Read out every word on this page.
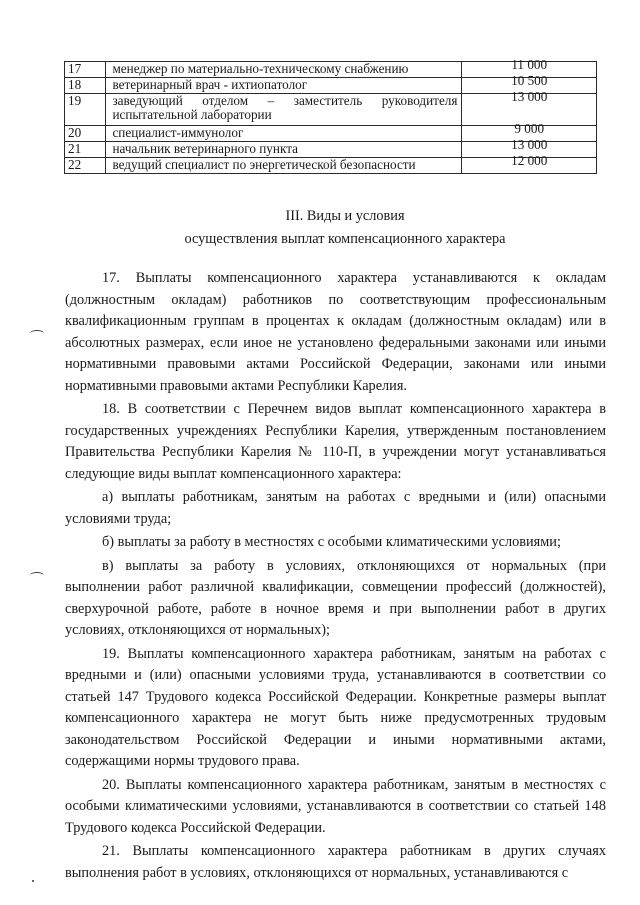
17	менеджер по материально-техническому снабжению	11 000

18	ветеринарный врач - ихтиопатолог	10 500

19	заведующий отделом – заместитель руководителя испытательной лаборатории	13 000

20	специалист-иммунолог	9 000

21	начальник ветеринарного пункта	13 000

22	ведущий специалист по энергетической безопасности	12 000
III. Виды и условия
осуществления выплат компенсационного характера

17. Выплаты компенсационного характера устанавливаются к окладам (должностным окладам) работников по соответствующим профессиональным квалификационным группам в процентах к окладам (должностным окладам) или в абсолютных размерах, если иное не установлено федеральными законами или иными нормативными правовыми актами Российской Федерации, законами или иными нормативными правовыми актами Республики Карелия.

18. В соответствии с Перечнем видов выплат компенсационного характера в государственных учреждениях Республики Карелия, утвержденным постановлением Правительства Республики Карелия № 110-П, в учреждении могут устанавливаться следующие виды выплат компенсационного характера:

а) выплаты работникам, занятым на работах с вредными и (или) опасными условиями труда;

б) выплаты за работу в местностях с особыми климатическими условиями;

в) выплаты за работу в условиях, отклоняющихся от нормальных (при выполнении работ различной квалификации, совмещении профессий (должностей), сверхурочной работе, работе в ночное время и при выполнении работ в других условиях, отклоняющихся от нормальных);

19. Выплаты компенсационного характера работникам, занятым на работах с вредными и (или) опасными условиями труда, устанавливаются в соответствии со статьей 147 Трудового кодекса Российской Федерации. Конкретные размеры выплат компенсационного характера не могут быть ниже предусмотренных трудовым законодательством Российской Федерации и иными нормативными актами, содержащими нормы трудового права.

20. Выплаты компенсационного характера работникам, занятым в местностях с особыми климатическими условиями, устанавливаются в соответствии со статьей 148 Трудового кодекса Российской Федерации.

21. Выплаты компенсационного характера работникам в других случаях выполнения работ в условиях, отклоняющихся от нормальных, устанавливаются с
